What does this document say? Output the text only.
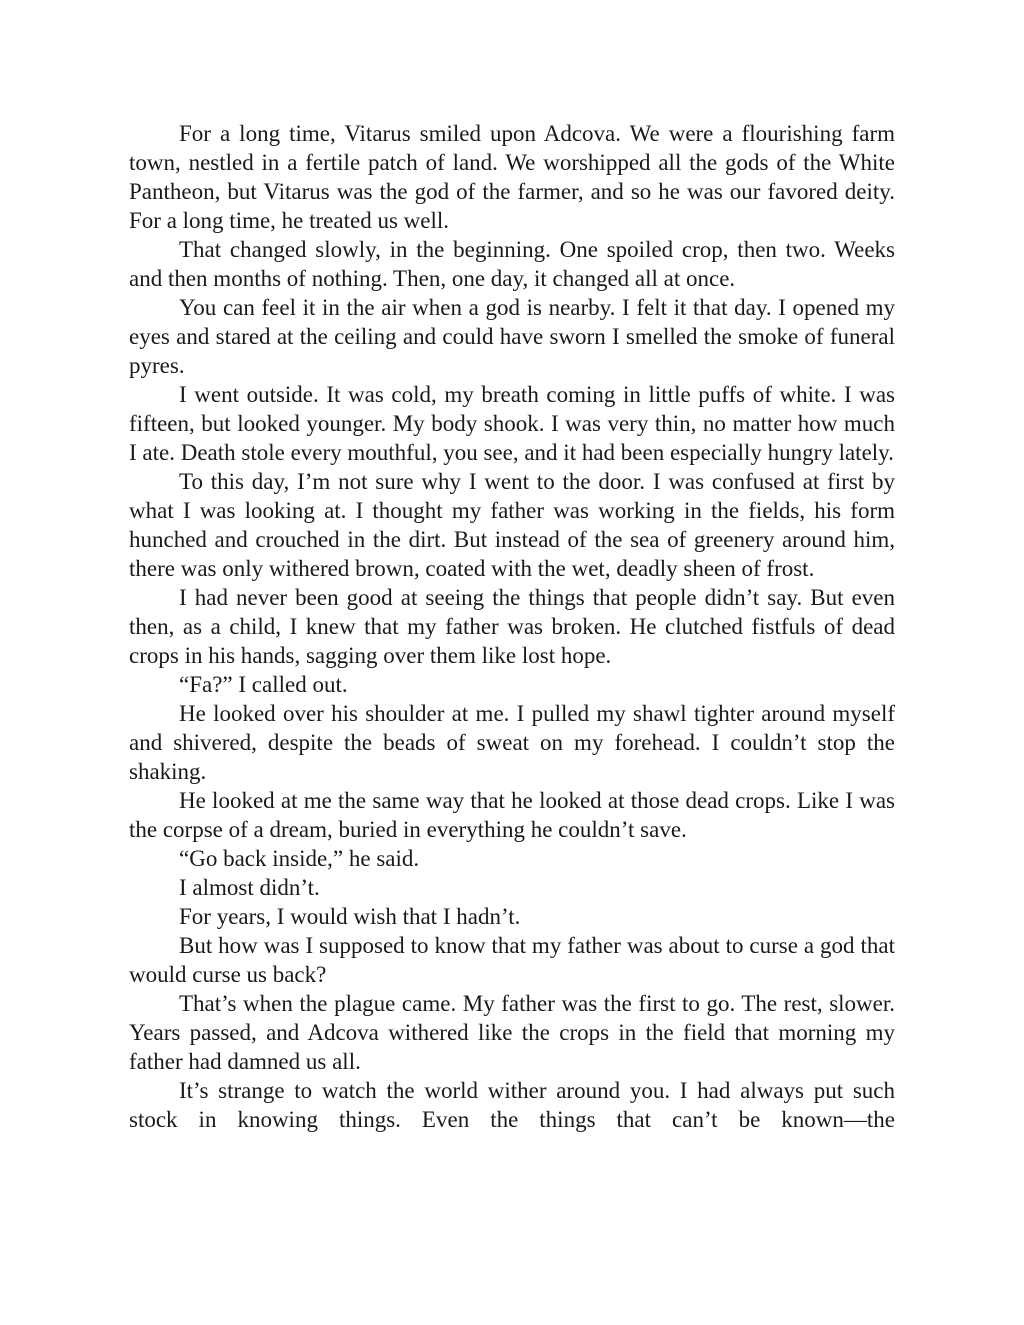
For a long time, Vitarus smiled upon Adcova. We were a flourishing farm town, nestled in a fertile patch of land. We worshipped all the gods of the White Pantheon, but Vitarus was the god of the farmer, and so he was our favored deity. For a long time, he treated us well.

That changed slowly, in the beginning. One spoiled crop, then two. Weeks and then months of nothing. Then, one day, it changed all at once.

You can feel it in the air when a god is nearby. I felt it that day. I opened my eyes and stared at the ceiling and could have sworn I smelled the smoke of funeral pyres.

I went outside. It was cold, my breath coming in little puffs of white. I was fifteen, but looked younger. My body shook. I was very thin, no matter how much I ate. Death stole every mouthful, you see, and it had been especially hungry lately.

To this day, I’m not sure why I went to the door. I was confused at first by what I was looking at. I thought my father was working in the fields, his form hunched and crouched in the dirt. But instead of the sea of greenery around him, there was only withered brown, coated with the wet, deadly sheen of frost.

I had never been good at seeing the things that people didn’t say. But even then, as a child, I knew that my father was broken. He clutched fistfuls of dead crops in his hands, sagging over them like lost hope.

“Fa?” I called out.

He looked over his shoulder at me. I pulled my shawl tighter around myself and shivered, despite the beads of sweat on my forehead. I couldn’t stop the shaking.

He looked at me the same way that he looked at those dead crops. Like I was the corpse of a dream, buried in everything he couldn’t save.

“Go back inside,” he said.

I almost didn’t.

For years, I would wish that I hadn’t.

But how was I supposed to know that my father was about to curse a god that would curse us back?

That’s when the plague came. My father was the first to go. The rest, slower. Years passed, and Adcova withered like the crops in the field that morning my father had damned us all.

It’s strange to watch the world wither around you. I had always put such stock in knowing things. Even the things that can’t be known—the
